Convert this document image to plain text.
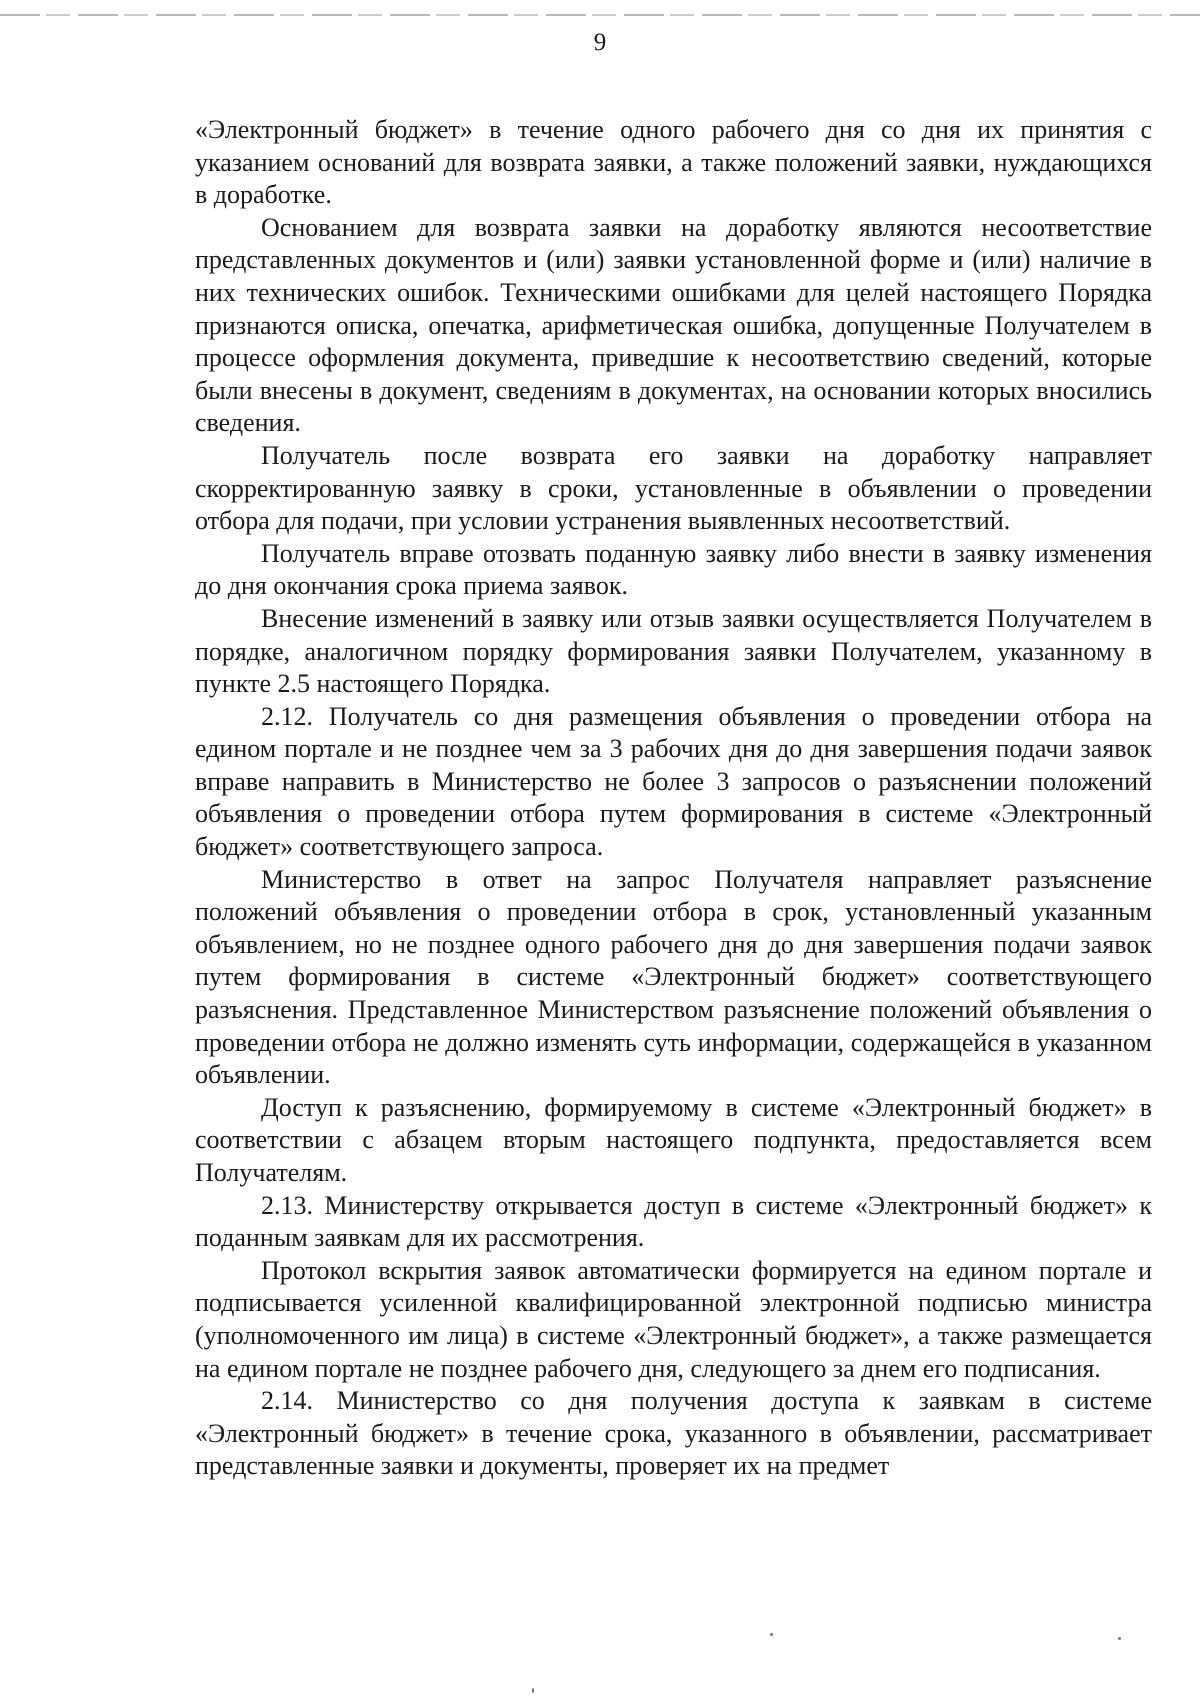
9

«Электронный бюджет» в течение одного рабочего дня со дня их принятия с указанием оснований для возврата заявки, а также положений заявки, нуждающихся в доработке.

Основанием для возврата заявки на доработку являются несоответствие представленных документов и (или) заявки установленной форме и (или) наличие в них технических ошибок. Техническими ошибками для целей настоящего Порядка признаются описка, опечатка, арифметическая ошибка, допущенные Получателем в процессе оформления документа, приведшие к несоответствию сведений, которые были внесены в документ, сведениям в документах, на основании которых вносились сведения.

Получатель после возврата его заявки на доработку направляет скорректированную заявку в сроки, установленные в объявлении о проведении отбора для подачи, при условии устранения выявленных несоответствий.

Получатель вправе отозвать поданную заявку либо внести в заявку изменения до дня окончания срока приема заявок.

Внесение изменений в заявку или отзыв заявки осуществляется Получателем в порядке, аналогичном порядку формирования заявки Получателем, указанному в пункте 2.5 настоящего Порядка.

2.12. Получатель со дня размещения объявления о проведении отбора на едином портале и не позднее чем за 3 рабочих дня до дня завершения подачи заявок вправе направить в Министерство не более 3 запросов о разъяснении положений объявления о проведении отбора путем формирования в системе «Электронный бюджет» соответствующего запроса.

Министерство в ответ на запрос Получателя направляет разъяснение положений объявления о проведении отбора в срок, установленный указанным объявлением, но не позднее одного рабочего дня до дня завершения подачи заявок путем формирования в системе «Электронный бюджет» соответствующего разъяснения. Представленное Министерством разъяснение положений объявления о проведении отбора не должно изменять суть информации, содержащейся в указанном объявлении.

Доступ к разъяснению, формируемому в системе «Электронный бюджет» в соответствии с абзацем вторым настоящего подпункта, предоставляется всем Получателям.

2.13. Министерству открывается доступ в системе «Электронный бюджет» к поданным заявкам для их рассмотрения.

Протокол вскрытия заявок автоматически формируется на едином портале и подписывается усиленной квалифицированной электронной подписью министра (уполномоченного им лица) в системе «Электронный бюджет», а также размещается на едином портале не позднее рабочего дня, следующего за днем его подписания.

2.14. Министерство со дня получения доступа к заявкам в системе «Электронный бюджет» в течение срока, указанного в объявлении, рассматривает представленные заявки и документы, проверяет их на предмет
